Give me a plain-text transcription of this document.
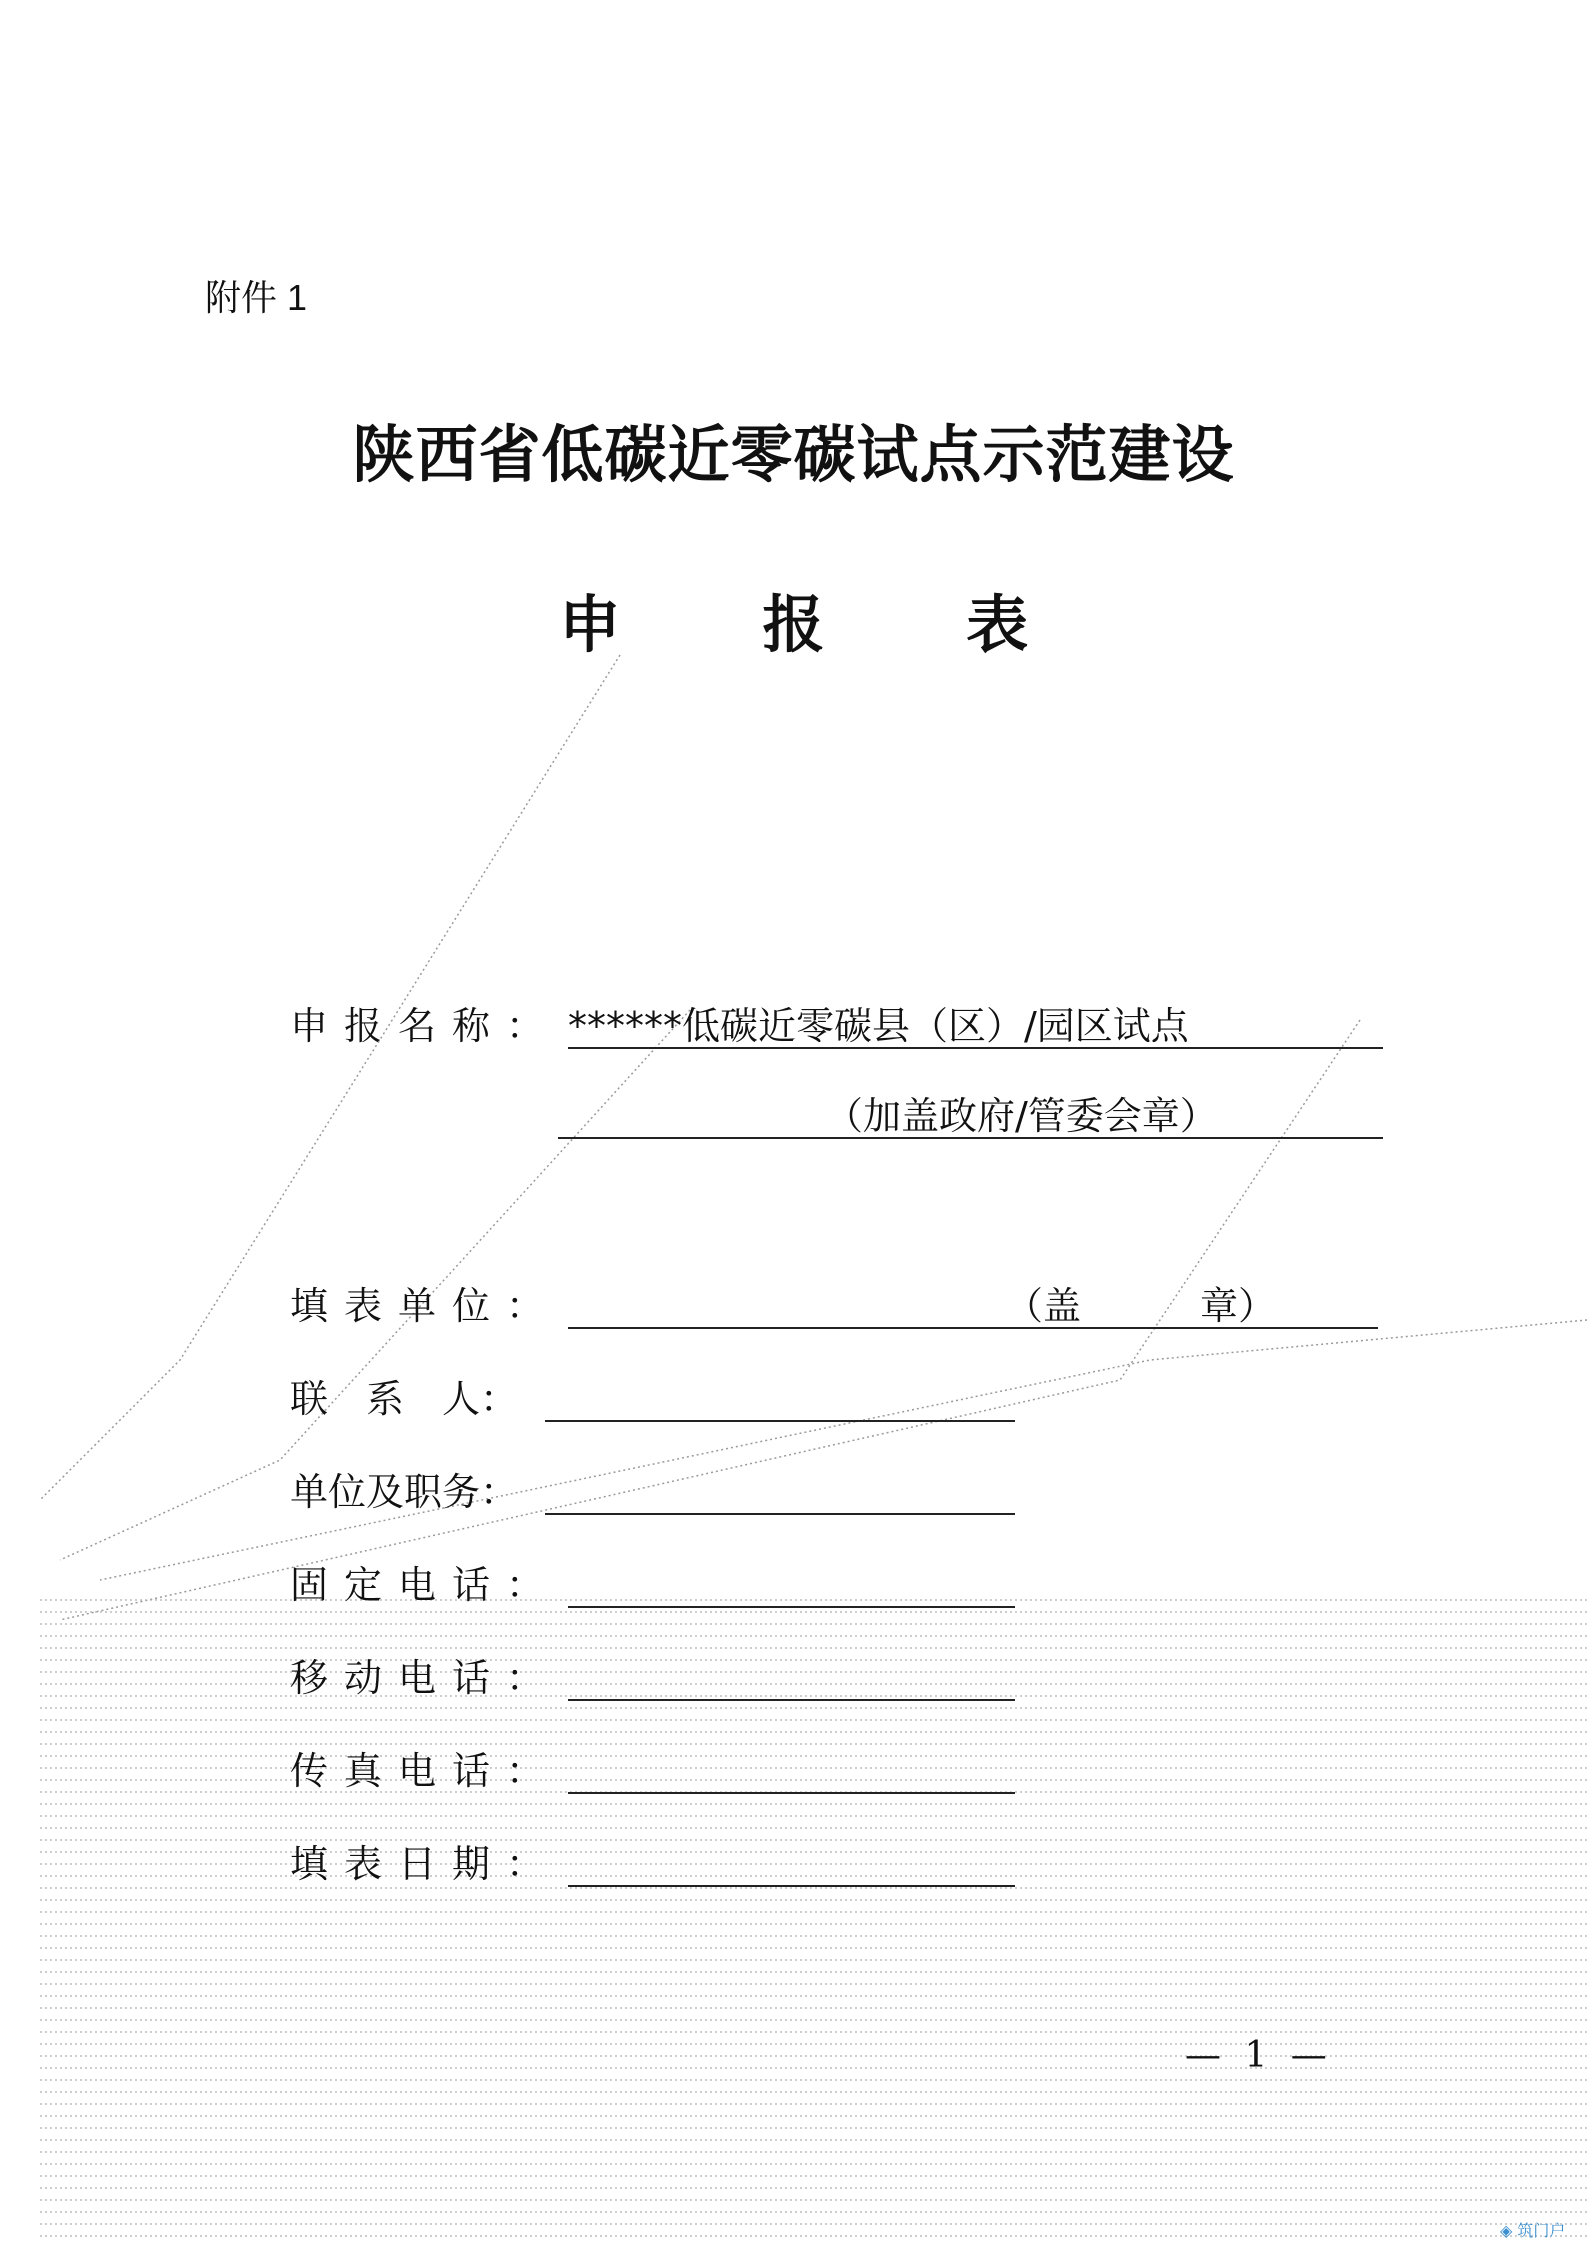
附件 1
陕西省低碳近零碳试点示范建设
申 报 表
申报名称： ******低碳近零碳县（区）/园区试点
（加盖政府/管委会章）
填表单位：	（盖	章）
联　系　人：
单位及职务：
固定电话：
移动电话：
传真电话：
填表日期：
— 1 —
◈ 筑门户
